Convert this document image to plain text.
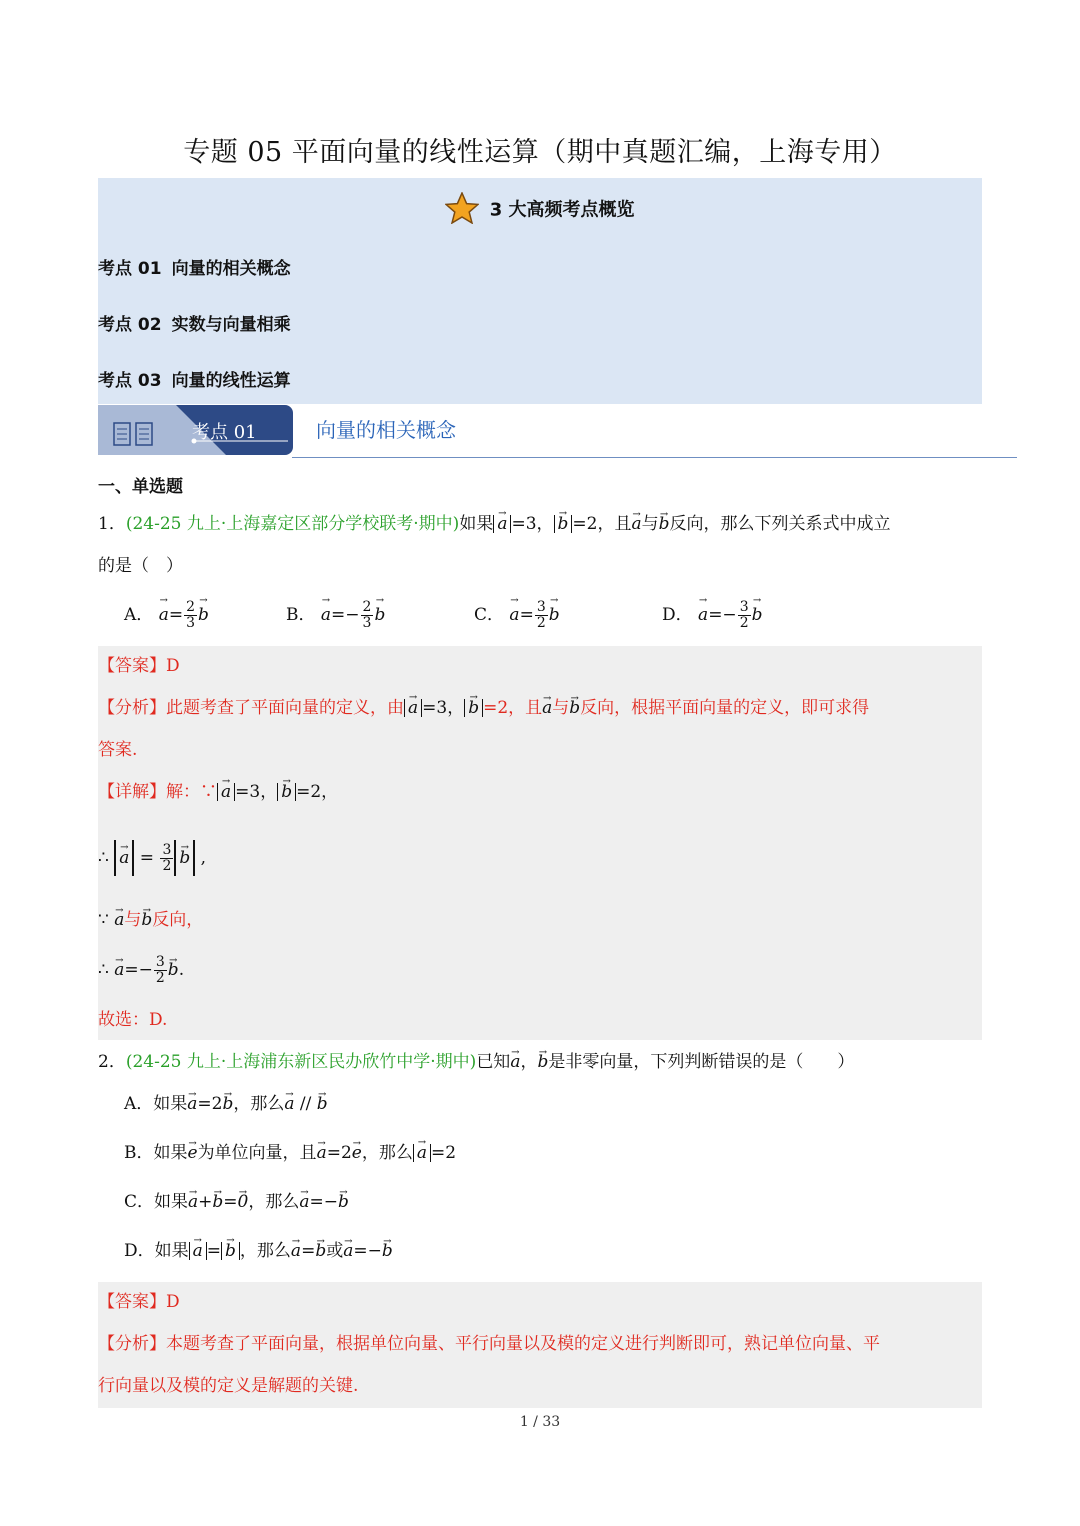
专题 05 平面向量的线性运算（期中真题汇编，上海专用）
3 大高频考点概览
考点 01 向量的相关概念
考点 02 实数与向量相乘
考点 03 向量的线性运算
考点 01	向量的相关概念
一、单选题
1．(24-25 九上·上海嘉定区部分学校联考·期中)如果→ a =3，→ b =2，且→ a与→ b反向，那么下列关系式中成立
的是（　）
A． → $a= \frac{2}{3}$
→ b	B． → $a=- \frac{2}{3}$
→ b	C． → $a= \frac{3}{2}$
→ b	D． → $a=- \frac{3}{2}$
→ b
【答案】D
【分析】此题考查了平面向量的定义，由→ a =3，→ b =2，且→ a与→ b反向，根据平面向量的定义，即可求得
答案.
【详解】解：∵→ a =3，→ b =2，
∴ → $a = \frac{3}{2}$
→ b ,
∵ → a与→ b反向，
∴ → $a=- \frac{3}{2}$
→ b.
故选：D.
2．(24-25 九上·上海浦东新区民办欣竹中学·期中)已知→ a，→ b是非零向量，下列判断错误的是（　　）
A．如果→ a=2→ b，那么→ a // → b
B．如果→ e为单位向量，且→ a=2→ e，那么→ a =2
C．如果→ a+→ b=→ 0，那么→ a=−→ b
D．如果→ a =→ b ，那么→ a=→ b或→ a=−→ b
【答案】D
【分析】本题考查了平面向量，根据单位向量、平行向量以及模的定义进行判断即可，熟记单位向量、平
行向量以及模的定义是解题的关键.
1 / 33
